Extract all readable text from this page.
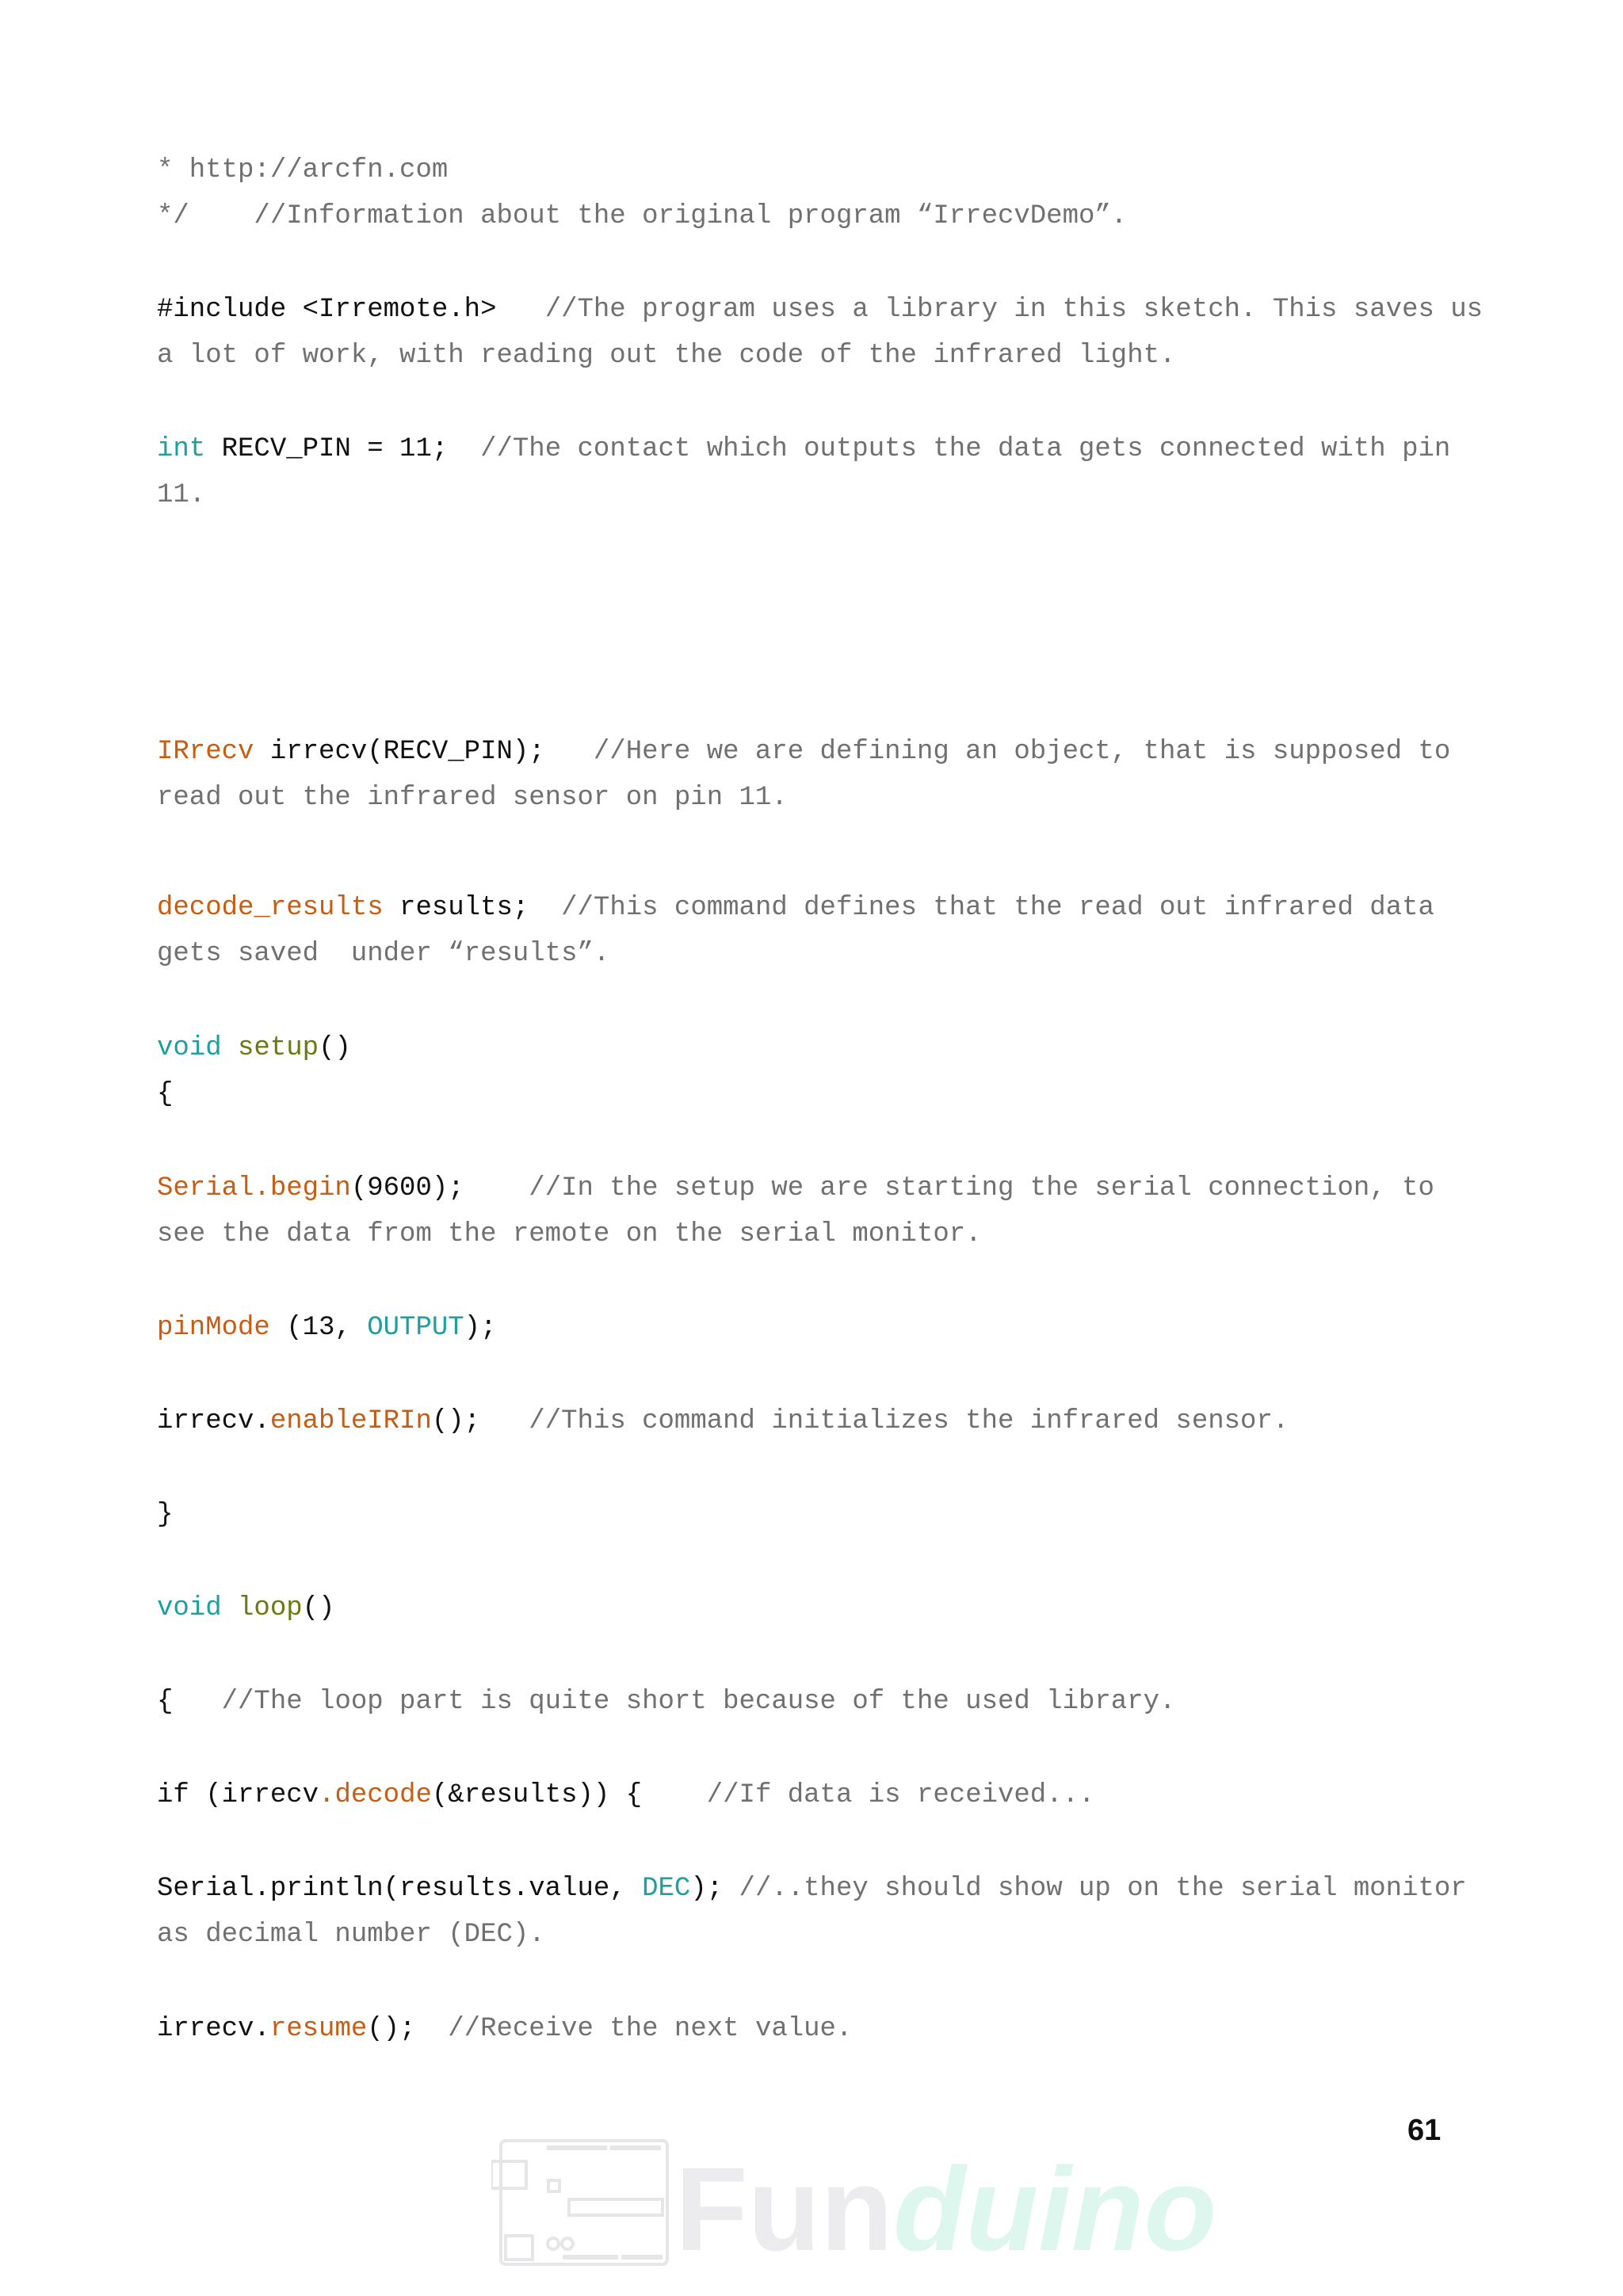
* http://arcfn.com
*/    //Information about the original program “IrrecvDemo”.
#include <Irremote.h>   //The program uses a library in this sketch. This saves us a lot of work, with reading out the code of the infrared light.
int RECV_PIN = 11;  //The contact which outputs the data gets connected with pin 11.
IRrecv irrecv(RECV_PIN);   //Here we are defining an object, that is supposed to read out the infrared sensor on pin 11.
decode_results results;  //This command defines that the read out infrared data gets saved  under “results”.
void setup()
{
Serial.begin(9600);    //In the setup we are starting the serial connection, to see the data from the remote on the serial monitor.
pinMode (13, OUTPUT);
irrecv.enableIRIn();   //This command initializes the infrared sensor.
}
void loop()
{   //The loop part is quite short because of the used library.
if (irrecv.decode(&results)) {    //If data is received...
Serial.println(results.value, DEC); //..they should show up on the serial monitor as decimal number (DEC).
irrecv.resume();  //Receive the next value.
61
Funduino
